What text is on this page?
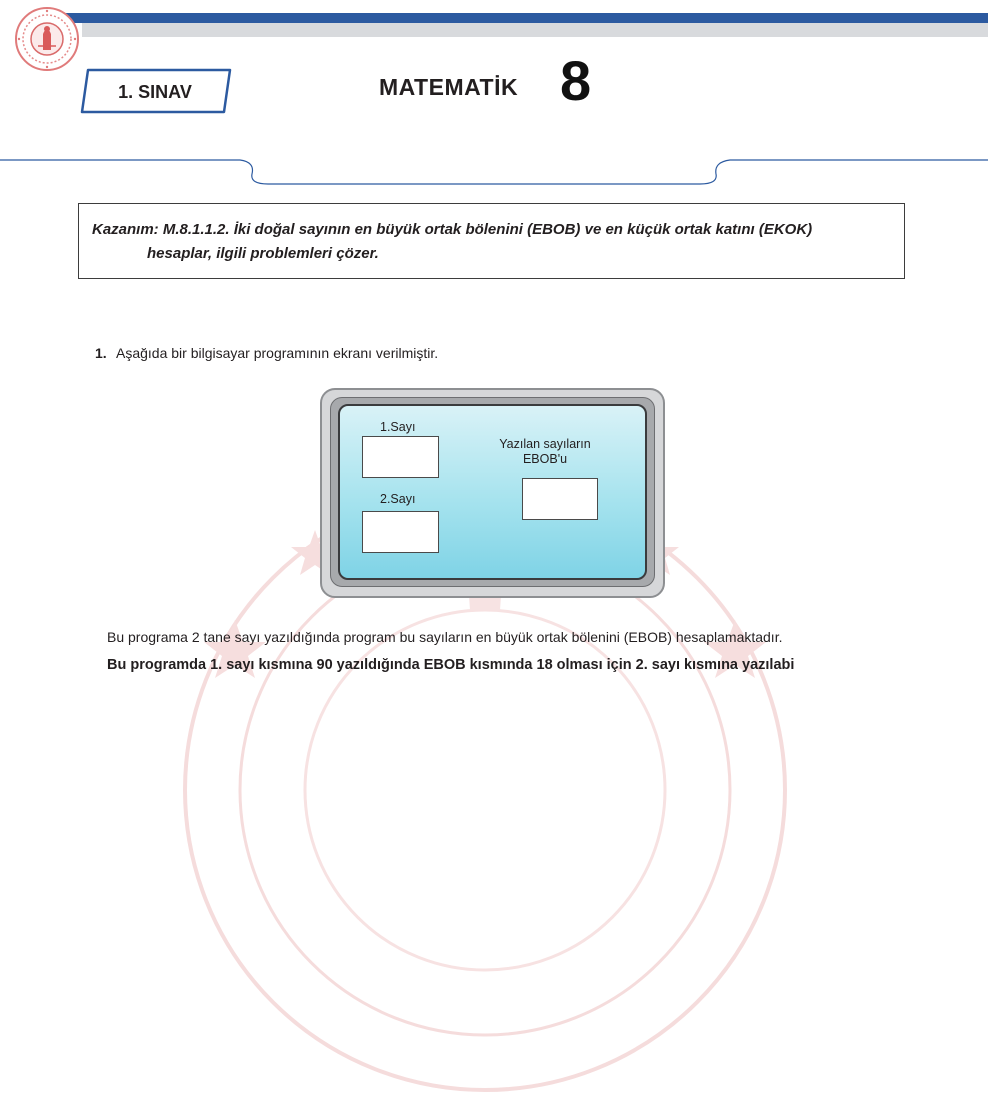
1. SINAV	MATEMATİK 8
Kazanım: M.8.1.1.2. İki doğal sayının en büyük ortak bölenini (EBOB) ve en küçük ortak katını (EKOK)
hesaplar, ilgili problemleri çözer.
1. Aşağıda bir bilgisayar programının ekranı verilmiştir.
1.Sayı
2.Sayı
Yazılan sayıların
EBOB'u
Bu programa 2 tane sayı yazıldığında program bu sayıların en büyük ortak bölenini (EBOB) hesaplamaktadır.
Bu programda 1. sayı kısmına 90 yazıldığında EBOB kısmında 18 olması için 2. sayı kısmına yazılabi
